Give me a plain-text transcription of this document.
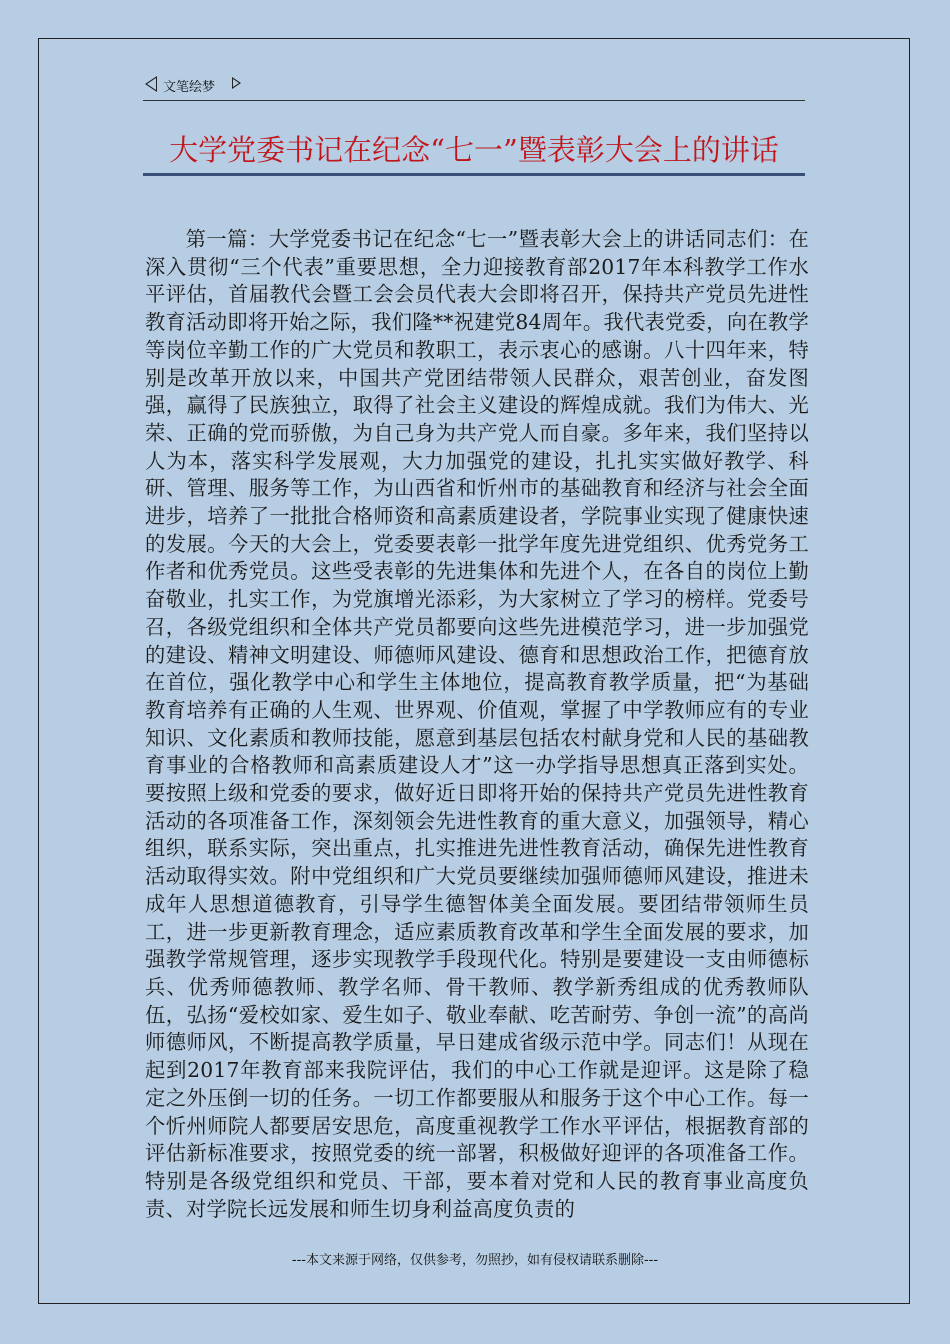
文笔绘梦
大学党委书记在纪念“七一”暨表彰大会上的讲话

第一篇：大学党委书记在纪念“七一”暨表彰大会上的讲话同志们：在深入贯彻“三个代表”重要思想，全力迎接教育部2017年本科教学工作水平评估，首届教代会暨工会会员代表大会即将召开，保持共产党员先进性教育活动即将开始之际，我们隆**祝建党84周年。我代表党委，向在教学等岗位辛勤工作的广大党员和教职工，表示衷心的感谢。八十四年来，特别是改革开放以来，中国共产党团结带领人民群众，艰苦创业，奋发图强，赢得了民族独立，取得了社会主义建设的辉煌成就。我们为伟大、光荣、正确的党而骄傲，为自己身为共产党人而自豪。多年来，我们坚持以人为本，落实科学发展观，大力加强党的建设，扎扎实实做好教学、科研、管理、服务等工作，为山西省和忻州市的基础教育和经济与社会全面进步，培养了一批批合格师资和高素质建设者，学院事业实现了健康快速的发展。今天的大会上，党委要表彰一批学年度先进党组织、优秀党务工作者和优秀党员。这些受表彰的先进集体和先进个人，在各自的岗位上勤奋敬业，扎实工作，为党旗增光添彩，为大家树立了学习的榜样。党委号召，各级党组织和全体共产党员都要向这些先进模范学习，进一步加强党的建设、精神文明建设、师德师风建设、德育和思想政治工作，把德育放在首位，强化教学中心和学生主体地位，提高教育教学质量，把“为基础教育培养有正确的人生观、世界观、价值观，掌握了中学教师应有的专业知识、文化素质和教师技能，愿意到基层包括农村献身党和人民的基础教育事业的合格教师和高素质建设人才”这一办学指导思想真正落到实处。要按照上级和党委的要求，做好近日即将开始的保持共产党员先进性教育活动的各项准备工作，深刻领会先进性教育的重大意义，加强领导，精心组织，联系实际，突出重点，扎实推进先进性教育活动，确保先进性教育活动取得实效。附中党组织和广大党员要继续加强师德师风建设，推进未成年人思想道德教育，引导学生德智体美全面发展。要团结带领师生员工，进一步更新教育理念，适应素质教育改革和学生全面发展的要求，加强教学常规管理，逐步实现教学手段现代化。特别是要建设一支由师德标兵、优秀师德教师、教学名师、骨干教师、教学新秀组成的优秀教师队伍，弘扬“爱校如家、爱生如子、敬业奉献、吃苦耐劳、争创一流”的高尚师德师风，不断提高教学质量，早日建成省级示范中学。同志们！从现在起到2017年教育部来我院评估，我们的中心工作就是迎评。这是除了稳定之外压倒一切的任务。一切工作都要服从和服务于这个中心工作。每一个忻州师院人都要居安思危，高度重视教学工作水平评估，根据教育部的评估新标准要求，按照党委的统一部署，积极做好迎评的各项准备工作。特别是各级党组织和党员、干部，要本着对党和人民的教育事业高度负责、对学院长远发展和师生切身利益高度负责的

---本文来源于网络，仅供参考，勿照抄，如有侵权请联系删除---
